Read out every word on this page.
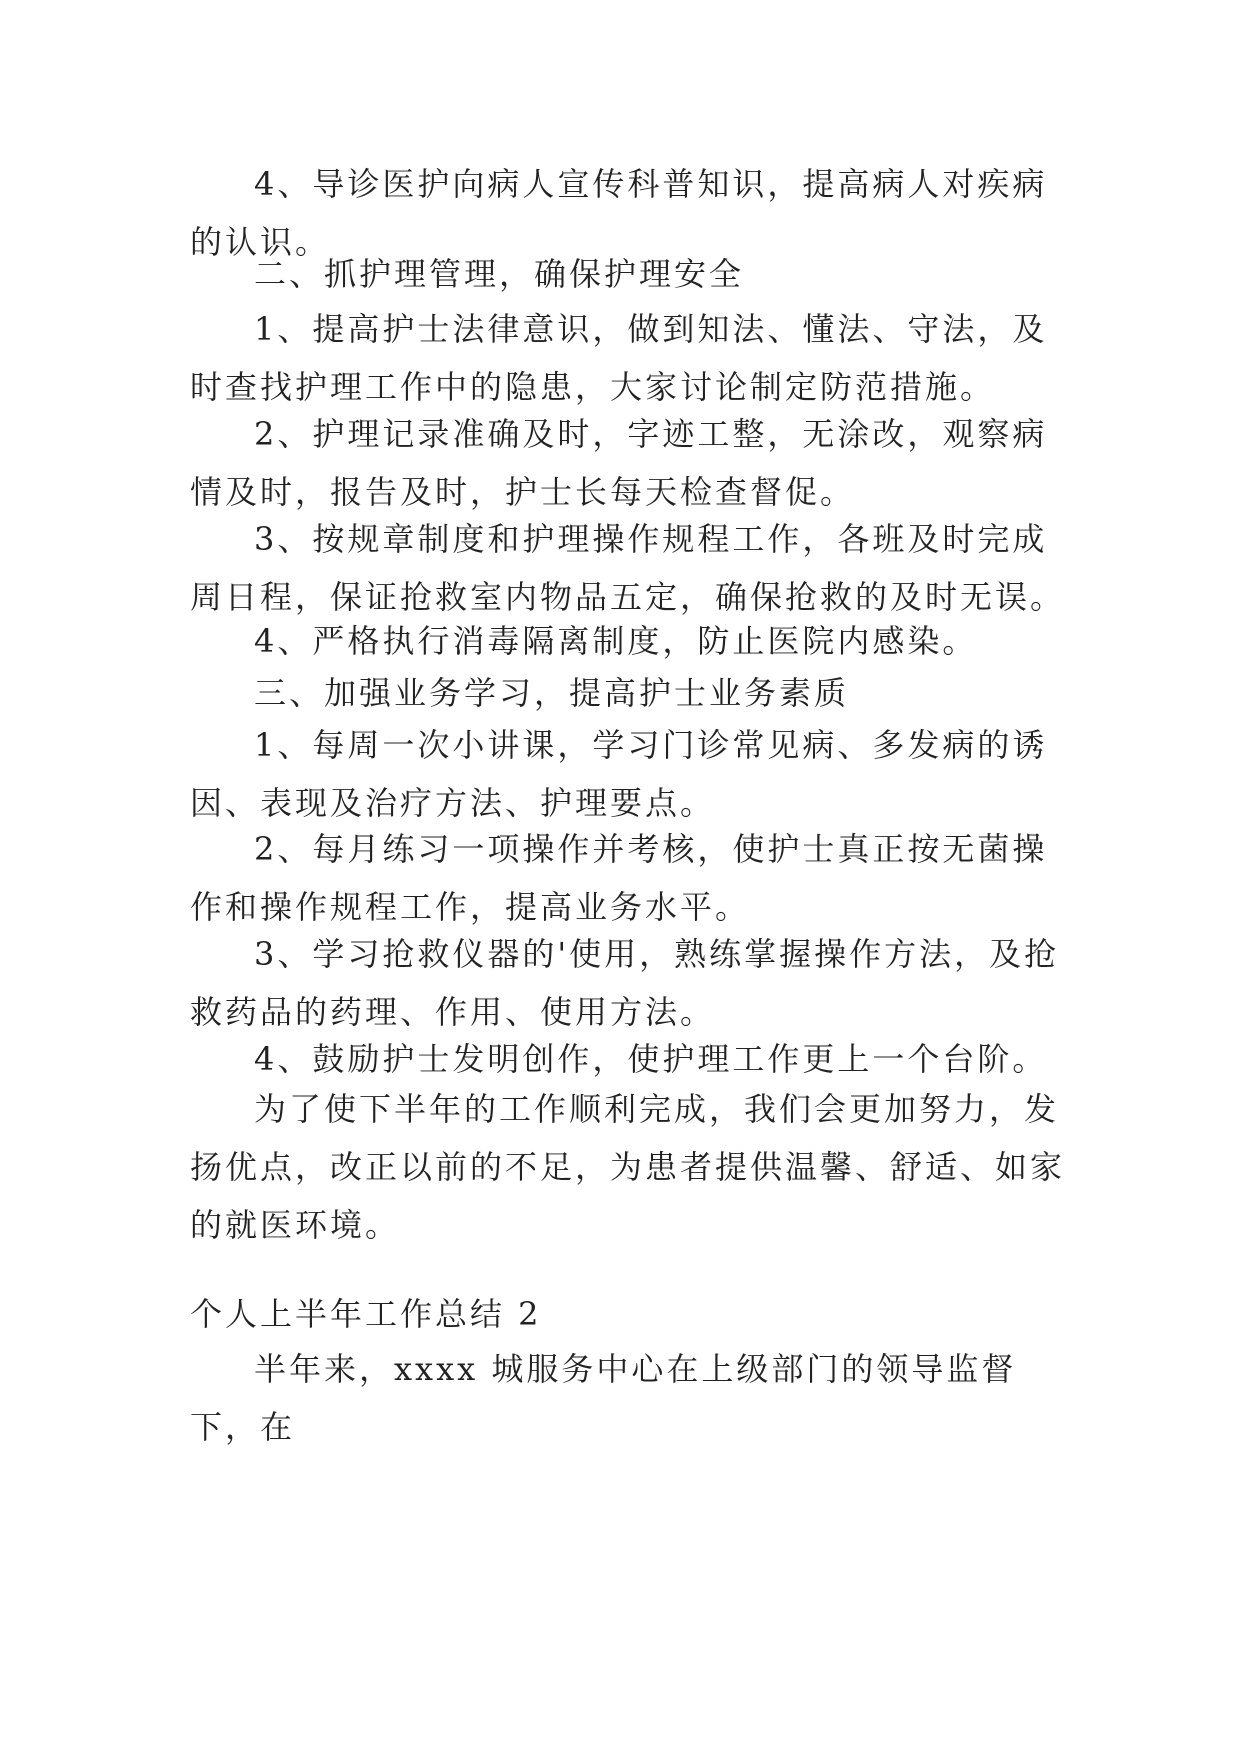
4、导诊医护向病人宣传科普知识，提高病人对疾病的认识。

二、抓护理管理，确保护理安全

1、提高护士法律意识，做到知法、懂法、守法，及时查找护理工作中的隐患，大家讨论制定防范措施。

2、护理记录准确及时，字迹工整，无涂改，观察病情及时，报告及时，护士长每天检查督促。

3、按规章制度和护理操作规程工作，各班及时完成周日程，保证抢救室内物品五定，确保抢救的及时无误。

4、严格执行消毒隔离制度，防止医院内感染。

三、加强业务学习，提高护士业务素质

1、每周一次小讲课，学习门诊常见病、多发病的诱因、表现及治疗方法、护理要点。

2、每月练习一项操作并考核，使护士真正按无菌操作和操作规程工作，提高业务水平。

3、学习抢救仪器的'使用，熟练掌握操作方法，及抢救药品的药理、作用、使用方法。

4、鼓励护士发明创作，使护理工作更上一个台阶。

为了使下半年的工作顺利完成，我们会更加努力，发扬优点，改正以前的不足，为患者提供温馨、舒适、如家的就医环境。

个人上半年工作总结 2

半年来，xxxx 城服务中心在上级部门的领导监督下，在
